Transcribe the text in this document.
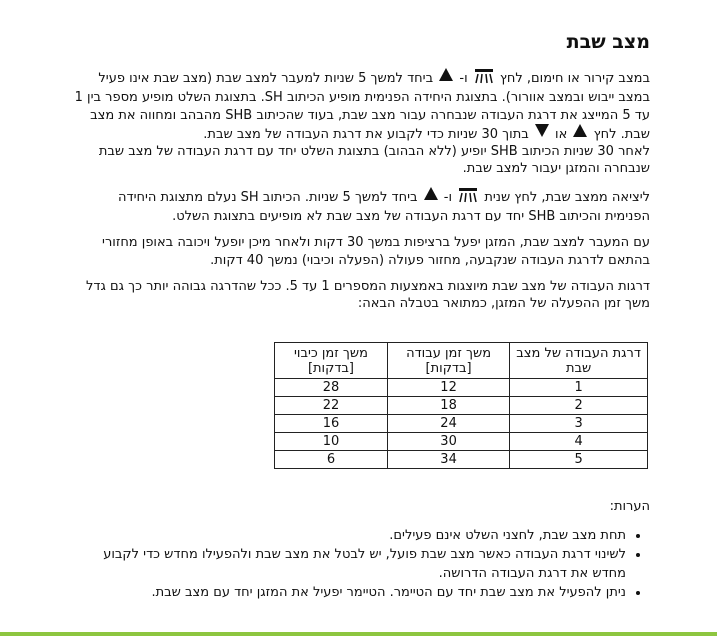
מצב שבת

במצב קירור או חימום, לחץ  ו-  ביחד למשך 5 שניות למעבר למצב שבת (מצב שבת אינו פעיל במצב ייבוש ובמצב אוורור). בתצוגת היחידה הפנימית מופיע הכיתוב SH. בתצוגת השלט מופיע מספר בין 1 עד 5 המייצג את דרגת העבודה שנבחרה עבור מצב שבת, בעוד שהכיתוב SHB מהבהב ומחווה את מצב שבת. לחץ  או  בתוך 30 שניות כדי לקבוע את דרגת העבודה של מצב שבת.

לאחר 30 שניות הכיתוב SHB יופיע (ללא הבהוב) בתצוגת השלט יחד עם דרגת העבודה של מצב שבת שנבחרה והמזגן יעבור למצב שבת.

ליציאה ממצב שבת, לחץ שנית  ו-  ביחד למשך 5 שניות. הכיתוב SH נעלם מתצוגת היחידה הפנימית והכיתוב SHB יחד עם דרגת העבודה של מצב שבת לא מופיעים בתצוגת השלט.

עם המעבר למצב שבת, המזגן יפעל ברציפות במשך 30 דקות ולאחר מיכן יופעל ויכובה באופן מחזורי בהתאם לדרגת העבודה שנקבעה, מחזור פעולה (הפעלה וכיבוי) נמשך 40 דקות.

דרגות העבודה של מצב שבת מיוצגות באמצעות המספרים 1 עד 5. ככל שהדרגה גבוהה יותר כך גם גדל משך זמן ההפעלה של המזגן, כמתואר בטבלה הבאה:

דרגת העבודה של מצב שבת	משך זמן עבודה [בדקות]	משך זמן כיבוי [בדקות]
1	12	28
2	18	22
3	24	16
4	30	10
5	34	6
הערות:
• תחת מצב שבת, לחצני השלט אינם פעילים.
• לשינוי דרגת העבודה כאשר מצב שבת פועל, יש לבטל את מצב שבת ולהפעילו מחדש כדי לקבוע מחדש את דרגת העבודה הדרושה.
• ניתן להפעיל את מצב שבת יחד עם הטיימר. הטיימר יפעיל את המזגן יחד עם מצב שבת.
